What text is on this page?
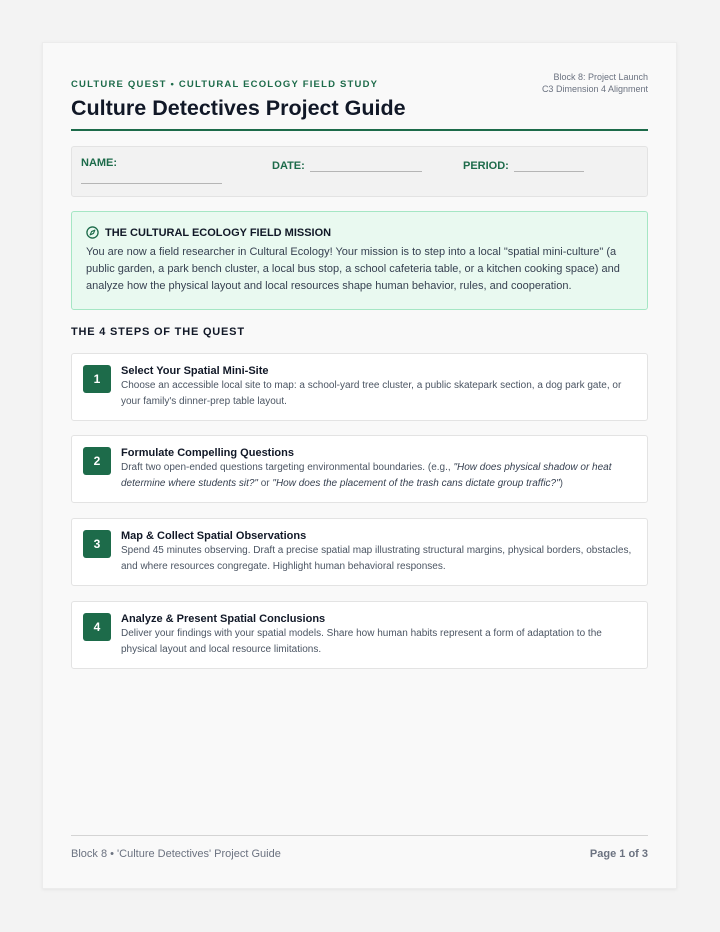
CULTURE QUEST • CULTURAL ECOLOGY FIELD STUDY
Culture Detectives Project Guide
Block 8: Project Launch
C3 Dimension 4 Alignment
NAME:	DATE:	PERIOD:
THE CULTURAL ECOLOGY FIELD MISSION
You are now a field researcher in Cultural Ecology! Your mission is to step into a local "spatial mini-culture" (a public garden, a park bench cluster, a local bus stop, a school cafeteria table, or a kitchen cooking space) and analyze how the physical layout and local resources shape human behavior, rules, and cooperation.
THE 4 STEPS OF THE QUEST
1
Select Your Spatial Mini-Site
Choose an accessible local site to map: a school-yard tree cluster, a public skatepark section, a dog park gate, or your family's dinner-prep table layout.
2
Formulate Compelling Questions
Draft two open-ended questions targeting environmental boundaries. (e.g., "How does physical shadow or heat determine where students sit?" or "How does the placement of the trash cans dictate group traffic?")
3
Map & Collect Spatial Observations
Spend 45 minutes observing. Draft a precise spatial map illustrating structural margins, physical borders, obstacles, and where resources congregate. Highlight human behavioral responses.
4
Analyze & Present Spatial Conclusions
Deliver your findings with your spatial models. Share how human habits represent a form of adaptation to the physical layout and local resource limitations.
Block 8 • 'Culture Detectives' Project Guide	Page 1 of 3
